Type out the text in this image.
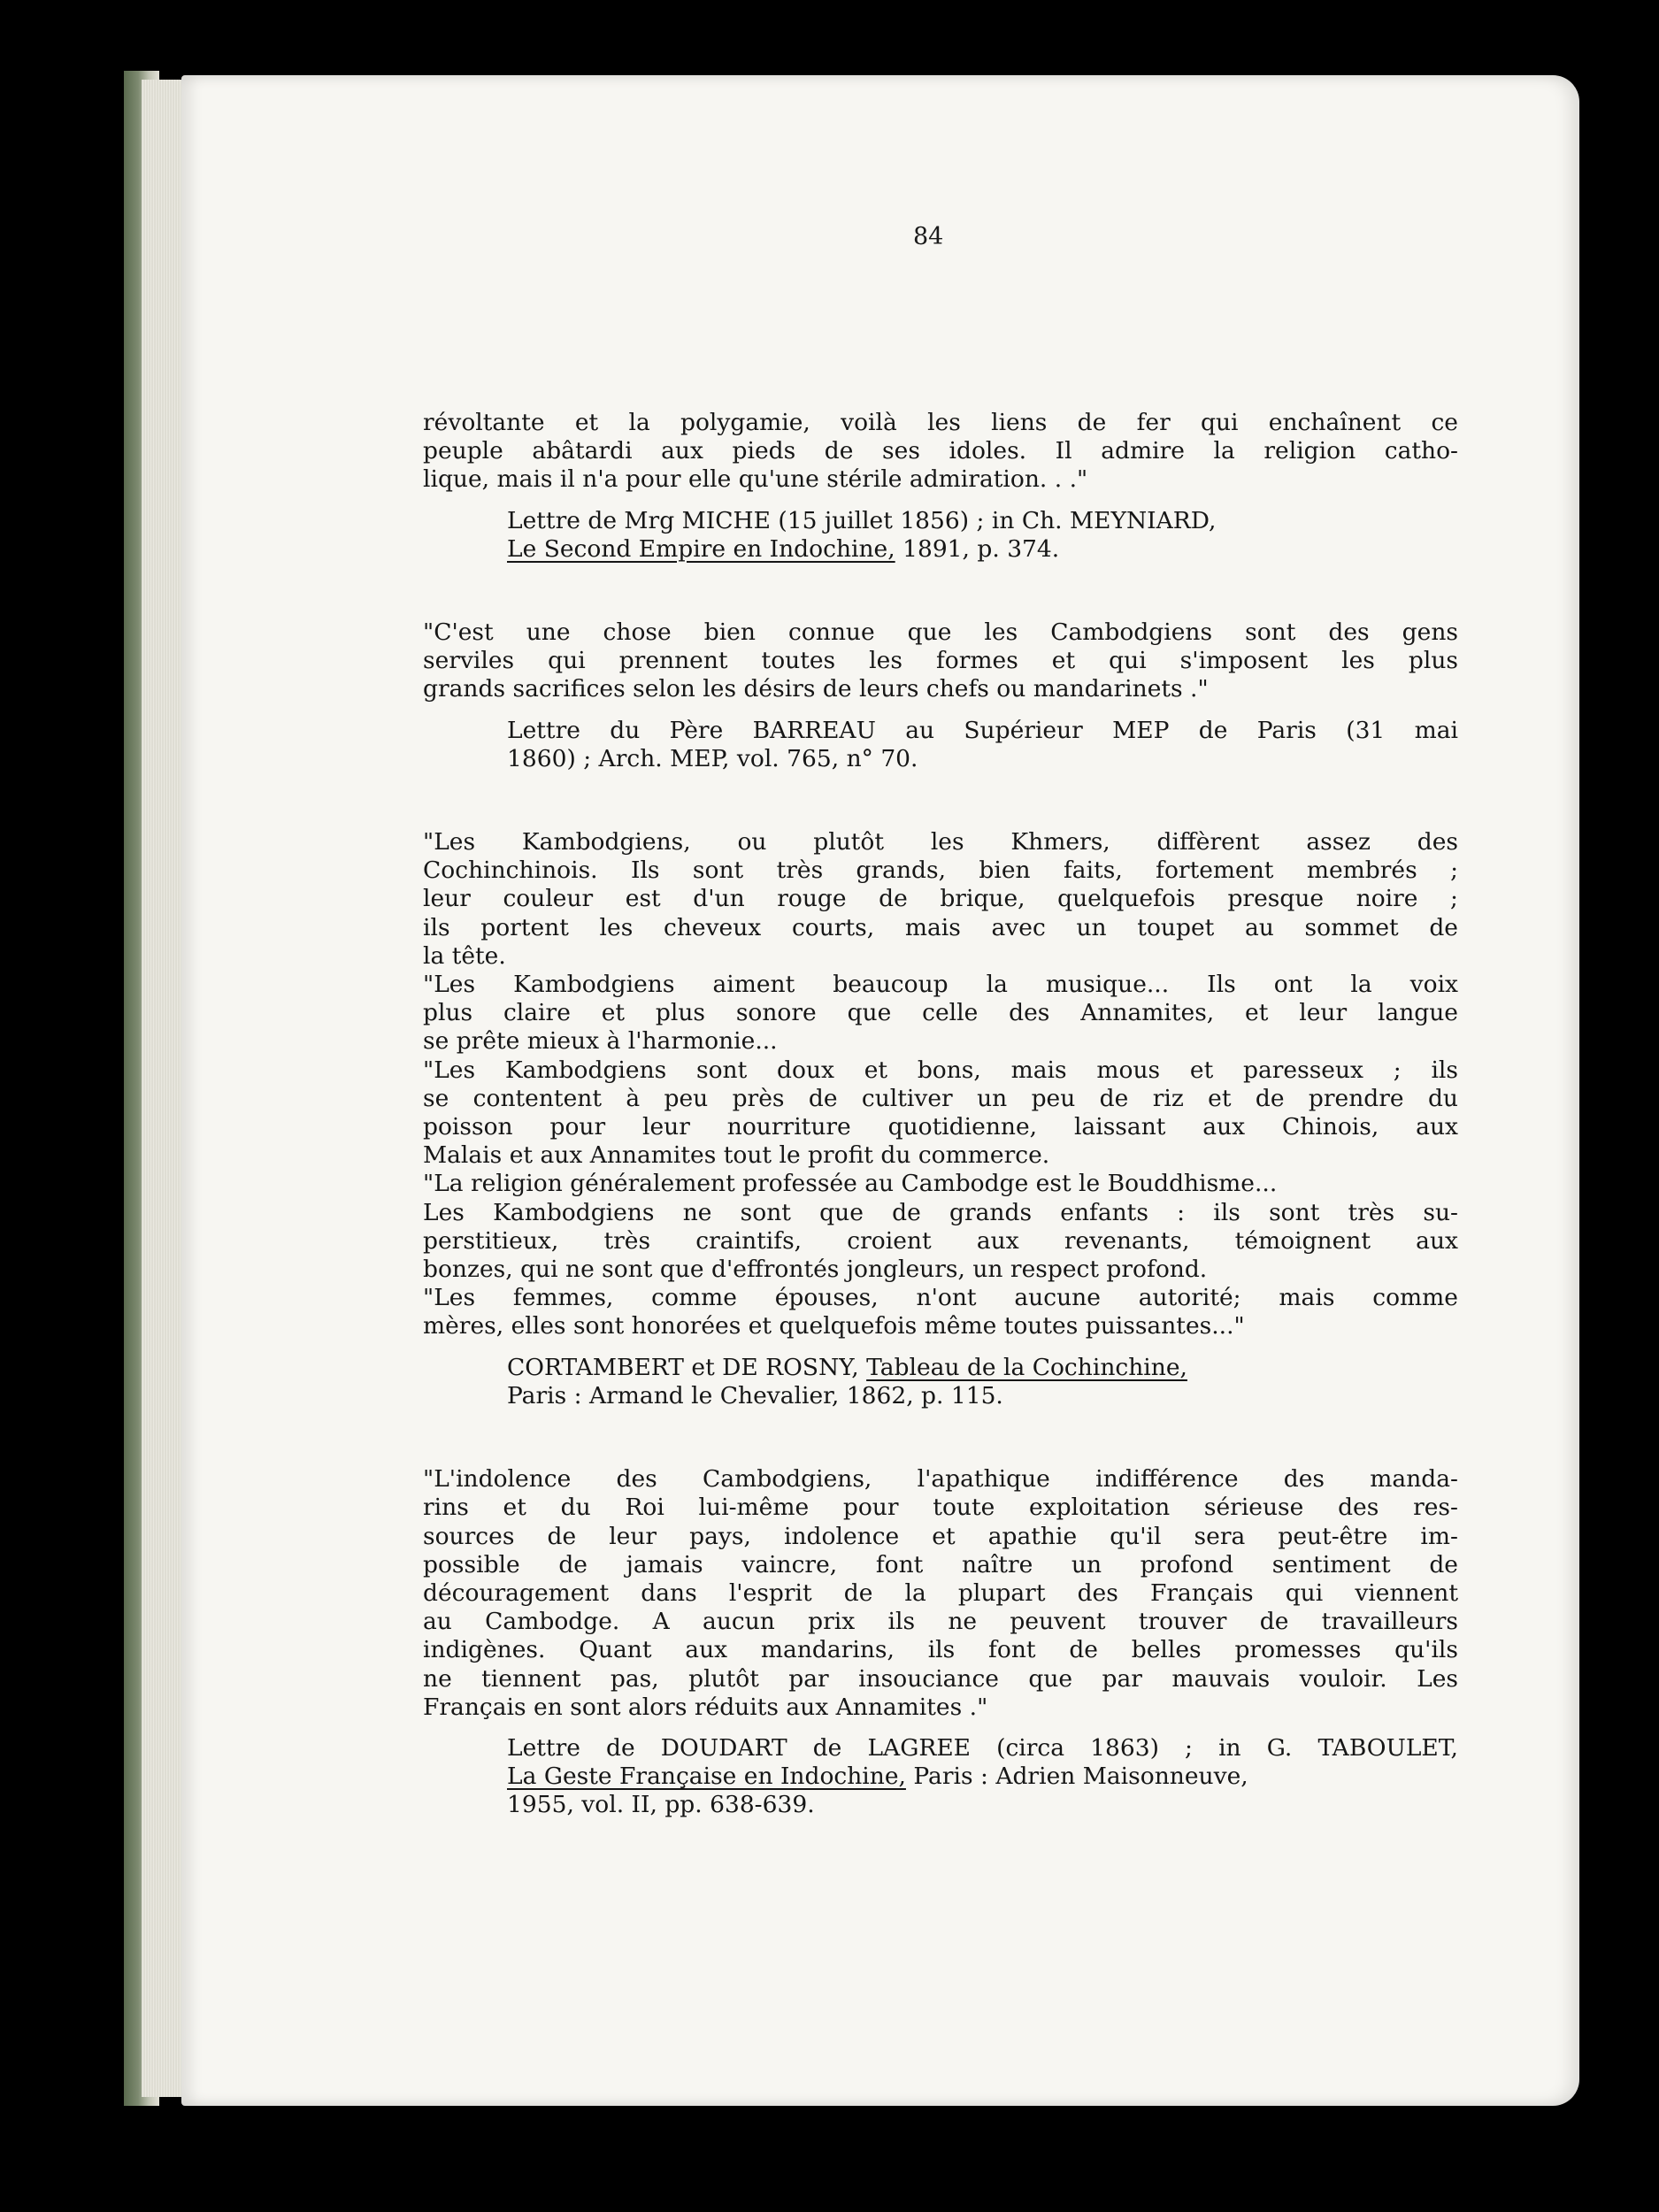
84
révoltante et la polygamie, voilà les liens de fer qui enchaînent ce
peuple abâtardi aux pieds de ses idoles. Il admire la religion catho-
lique, mais il n'a pour elle qu'une stérile admiration. . ."
Lettre de Mrg MICHE (15 juillet 1856) ; in Ch. MEYNIARD,
Le Second Empire en Indochine, 1891, p. 374.
"C'est une chose bien connue que les Cambodgiens sont des gens
serviles qui prennent toutes les formes et qui s'imposent les plus
grands sacrifices selon les désirs de leurs chefs ou mandarinets ."
Lettre du Père BARREAU au Supérieur MEP de Paris (31 mai
1860) ; Arch. MEP, vol. 765, n° 70.
"Les Kambodgiens, ou plutôt les Khmers, diffèrent assez des
Cochinchinois. Ils sont très grands, bien faits, fortement membrés ;
leur couleur est d'un rouge de brique, quelquefois presque noire ;
ils portent les cheveux courts, mais avec un toupet au sommet de
la tête.
"Les Kambodgiens aiment beaucoup la musique... Ils ont la voix
plus claire et plus sonore que celle des Annamites, et leur langue
se prête mieux à l'harmonie...
"Les Kambodgiens sont doux et bons, mais mous et paresseux ; ils
se contentent à peu près de cultiver un peu de riz et de prendre du
poisson pour leur nourriture quotidienne, laissant aux Chinois, aux
Malais et aux Annamites tout le profit du commerce.
"La religion généralement professée au Cambodge est le Bouddhisme...
Les Kambodgiens ne sont que de grands enfants : ils sont très su-
perstitieux, très craintifs, croient aux revenants, témoignent aux
bonzes, qui ne sont que d'effrontés jongleurs, un respect profond.
"Les femmes, comme épouses, n'ont aucune autorité; mais comme
mères, elles sont honorées et quelquefois même toutes puissantes..."
CORTAMBERT et DE ROSNY, Tableau de la Cochinchine,
Paris : Armand le Chevalier, 1862, p. 115.
"L'indolence des Cambodgiens, l'apathique indifférence des manda-
rins et du Roi lui-même pour toute exploitation sérieuse des res-
sources de leur pays, indolence et apathie qu'il sera peut-être im-
possible de jamais vaincre, font naître un profond sentiment de
découragement dans l'esprit de la plupart des Français qui viennent
au Cambodge. A aucun prix ils ne peuvent trouver de travailleurs
indigènes. Quant aux mandarins, ils font de belles promesses qu'ils
ne tiennent pas, plutôt par insouciance que par mauvais vouloir. Les
Français en sont alors réduits aux Annamites ."
Lettre de DOUDART de LAGREE (circa 1863) ; in G. TABOULET,
La Geste Française en Indochine, Paris : Adrien Maisonneuve,
1955, vol. II, pp. 638-639.
